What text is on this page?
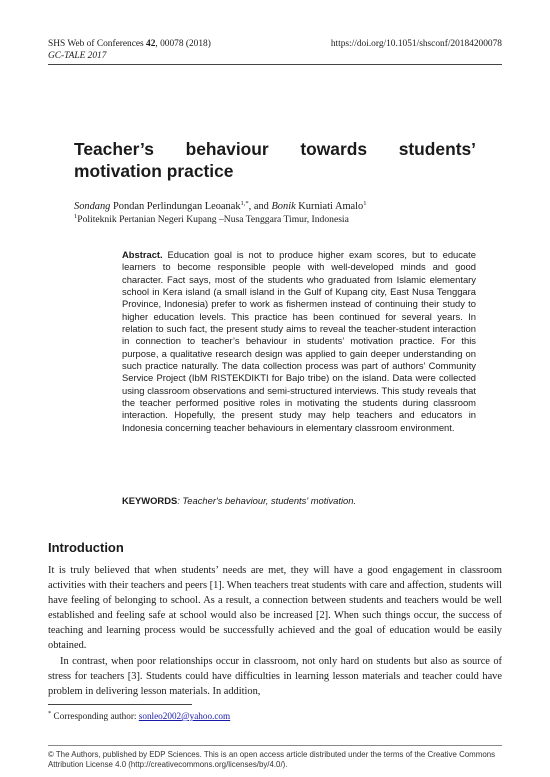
SHS Web of Conferences 42, 00078 (2018)	https://doi.org/10.1051/shsconf/20184200078
GC-TALE 2017
Teacher’s behaviour towards students’
motivation practice
Sondang Pondan Perlindungan Leoanak$^{1,*}$, and Bonik Kurniati Amalo$^1$
$^1$Politeknik Pertanian Negeri Kupang –Nusa Tenggara Timur, Indonesia
Abstract. Education goal is not to produce higher exam scores, but to educate learners to become responsible people with well-developed minds and good character. Fact says, most of the students who graduated from Islamic elementary school in Kera island (a small island in the Gulf of Kupang city, East Nusa Tenggara Province, Indonesia) prefer to work as fishermen instead of continuing their study to higher education levels. This practice has been continued for several years. In relation to such fact, the present study aims to reveal the teacher-student interaction in connection to teacher’s behaviour in students’ motivation practice. For this purpose, a qualitative research design was applied to gain deeper understanding on such practice naturally. The data collection process was part of authors’ Community Service Project (IbM RISTEKDIKTI for Bajo tribe) on the island. Data were collected using classroom observations and semi-structured interviews. This study reveals that the teacher performed positive roles in motivating the students during classroom interaction. Hopefully, the present study may help teachers and educators in Indonesia concerning teacher behaviours in elementary classroom environment.
KEYWORDS: Teacher's behaviour, students' motivation.
Introduction

It is truly believed that when students’ needs are met, they will have a good engagement in classroom activities with their teachers and peers [1]. When teachers treat students with care and affection, students will have feeling of belonging to school. As a result, a connection between students and teachers would be well established and feeling safe at school would also be increased [2]. When such things occur, the success of teaching and learning process would be successfully achieved and the goal of education would be easily obtained.

In contrast, when poor relationships occur in classroom, not only hard on students but also as source of stress for teachers [3]. Students could have difficulties in learning lesson materials and teacher could have problem in delivering lesson materials. In addition,

* Corresponding author: sonleo2002@yahoo.com
© The Authors, published by EDP Sciences. This is an open access article distributed under the terms of the Creative Commons
Attribution License 4.0 (http://creativecommons.org/licenses/by/4.0/).
